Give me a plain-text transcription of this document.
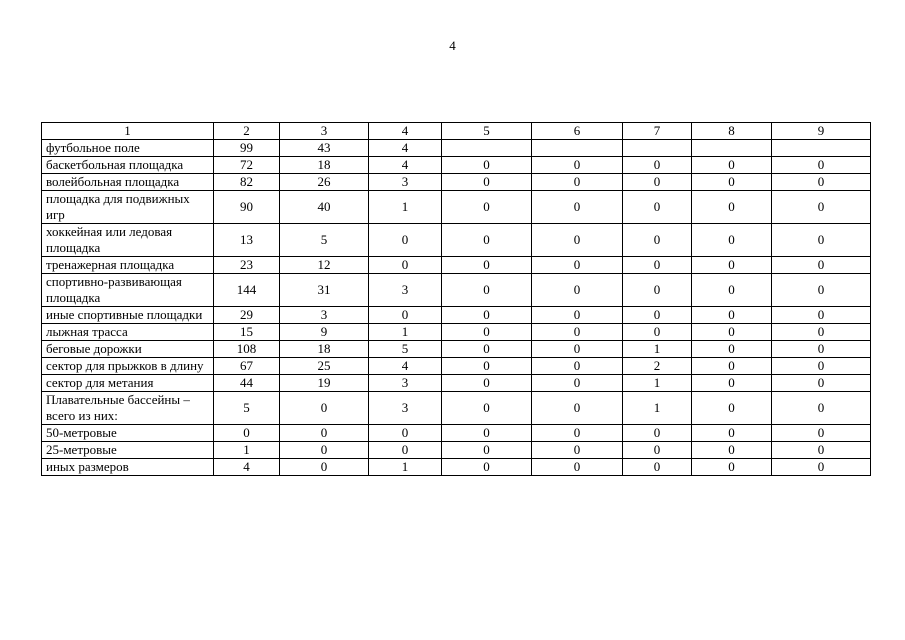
4
1	2	3	4	5	6	7	8	9
футбольное поле	99	43	4					
баскетбольная площадка	72	18	4	0	0	0	0	0
волейбольная площадка	82	26	3	0	0	0	0	0
площадка для подвижных игр	90	40	1	0	0	0	0	0
хоккейная или ледовая площадка	13	5	0	0	0	0	0	0
тренажерная площадка	23	12	0	0	0	0	0	0
спортивно-развивающая площадка	144	31	3	0	0	0	0	0
иные спортивные площадки	29	3	0	0	0	0	0	0
лыжная трасса	15	9	1	0	0	0	0	0
беговые дорожки	108	18	5	0	0	1	0	0
сектор для прыжков в длину	67	25	4	0	0	2	0	0
сектор для метания	44	19	3	0	0	1	0	0
Плавательные бассейны – всего из них:	5	0	3	0	0	1	0	0
50-метровые	0	0	0	0	0	0	0	0
25-метровые	1	0	0	0	0	0	0	0
иных размеров	4	0	1	0	0	0	0	0
